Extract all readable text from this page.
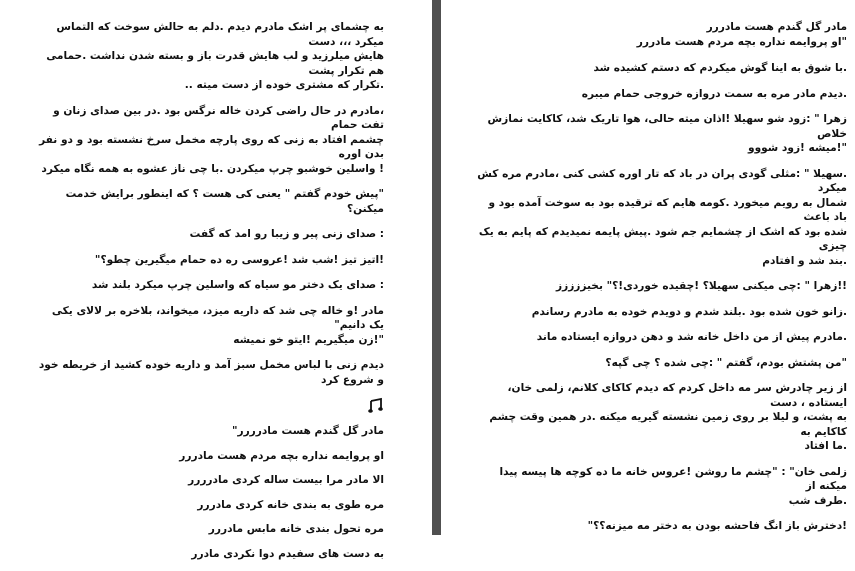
به چشمای پر اشک مادرم دیدم .دلم به حالش سوخت که التماس میکرد ،،، دست
هایش میلرزید و لب هایش قدرت باز و بسته شدن نداشت .حمامی هم تکرار پشت
.تکرار که مشتری خوده از دست میته ..

،مادرم در حال راضی کردن خاله نرگس بود .در بین صدای زنان و تفت حمام
چشمم افتاد به زنی که روی پارچه مخمل سرخ نشسته بود و دو نفر بدن اوره
! واسلین خوشبو چرپ میکردن .با چی ناز عشوه به همه نگاه میکرد

"پیش خودم گفتم " یعنی کی هست ؟ که اینطور برایش خدمت میکنن؟

: صدای زنی پیر و زیبا رو امد که گفت

!اتیز تیز !شب شد !عروسی ره ده حمام میگیرین چطو؟"

: صدای یک دختر مو سیاه که واسلین چرپ میکرد بلند شد

مادر !و خاله چی شد که داریه میزد، میخواند، بلاخره بر لالای یکی یک دانیم"
"!زن میگیریم !ایتو خو نمیشه

دیدم زنی با لباس مخمل سبز آمد و داریه خوده کشید از خریطه خود و شروع کرد

مادر گل گندم هست مادرررر"

او پروایمه نداره بچه مردم هست مادررر

الا مادر مرا بیست ساله کردی مادرررر

مره طوی به بندی خانه کردی مادررر

مره تحول بندی خانه مابس مادررر

به دست های سفیدم دوا نکردی مادرر

مادر گل گندم هست مادررر
"او پروایمه نداره بچه مردم هست مادررر

.با شوق به اینا گوش میکردم که دستم کشیده شد

.دیدم مادر مره به سمت دروازه خروجی حمام میبره

زهرا " :زود شو سهیلا !اذان میته حالی، هوا تاریک شد، کاکایت نمازش خلاص
"!میشه !زود شووو

.سهیلا " :مثلی گودی پران در باد که تار اوره کشی کنی ،مادرم مره کش میکرد
شمال به رویم میخورد .کومه هایم که ترقیده بود به سوخت آمده بود و باد باعث
شده بود که اشک از چشمایم جم شود .پیش پایمه نمیدیدم که پایم به یک چیزی
.بند شد و افتادم

!!زهرا " :چی میکنی سهیلا؟ !چقیده خوردی!؟" بخیززززز

.زانو خون شده بود .بلند شدم و دویدم خوده به مادرم رساندم

.مادرم پیش از من داخل خانه شد و دهن دروازه ایستاده ماند

"من پشتش بودم، گفتم " :چی شده ؟ چی گپه؟

از زیر چادرش سر مه داخل کردم که دیدم کاکای کلانم، زلمی خان، ایستاده ، دست
به پشت، و لیلا بر روی زمین نشسته گیریه میکنه .در همین وقت چشم کاکایم به
.ما افتاد

زلمی خان" : "چشم ما روشن !عروس خانه ما ده کوچه ها پیسه پیدا میکنه از
.طرف شب

!دخترش باز انگ فاحشه بودن به دختر مه میزنه؟؟"
